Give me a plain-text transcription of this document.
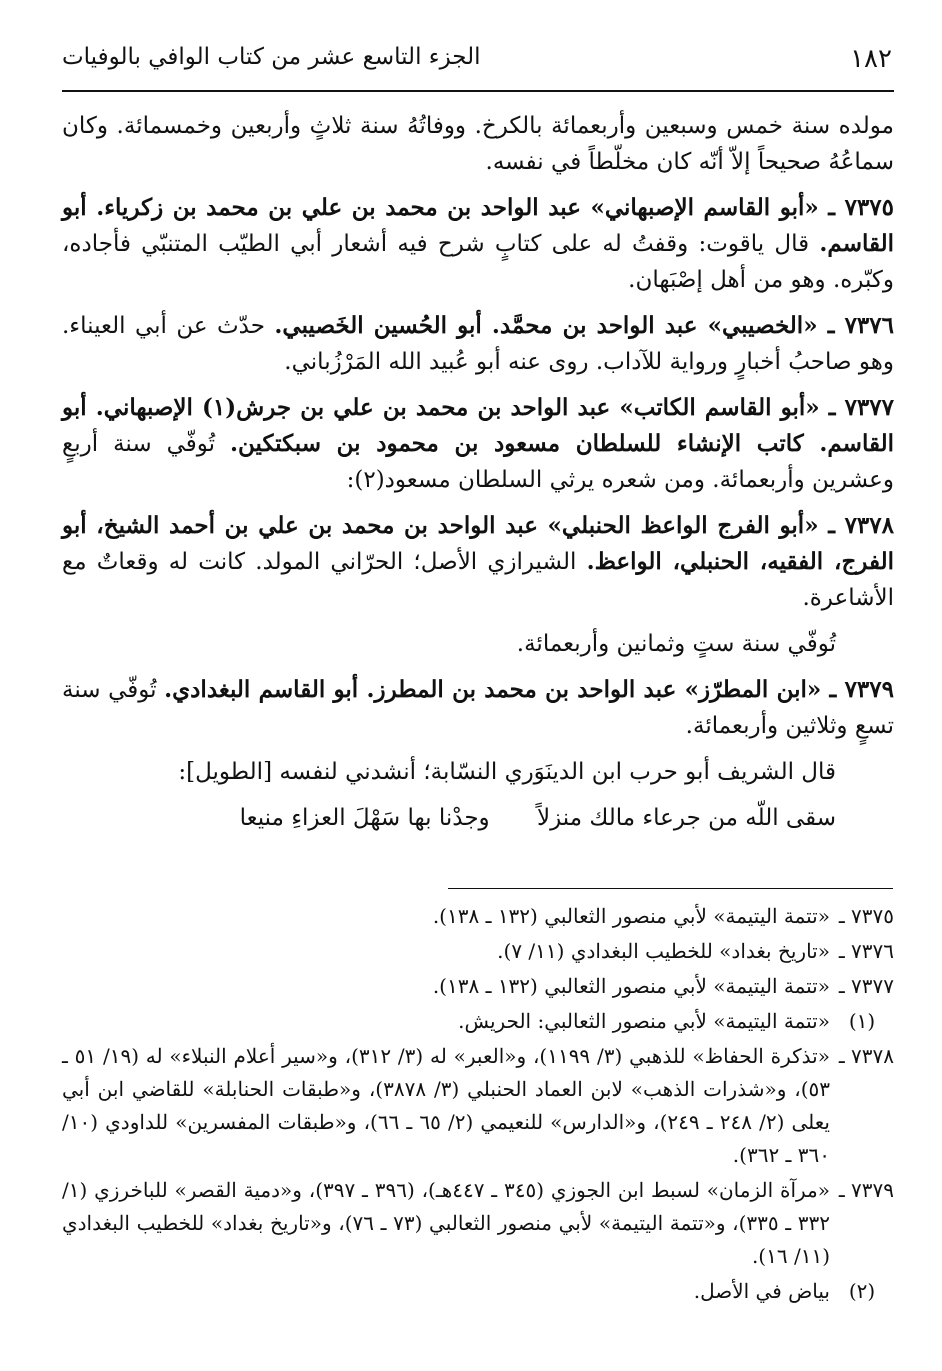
١٨٢
الجزء التاسع عشر من كتاب الوافي بالوفيات

مولده سنة خمس وسبعين وأربعمائة بالكرخ. ووفاتُهُ سنة ثلاثٍ وأربعين وخمسمائة. وكان سماعُهُ صحيحاً إلاّ أنّه كان مخلّطاً في نفسه.

٧٣٧٥ ـ «أبو القاسم الإصبهاني» عبد الواحد بن محمد بن علي بن محمد بن زكرياء. أبو القاسم. قال ياقوت: وقفتُ له على كتابٍ شرح فيه أشعار أبي الطيّب المتنبّي فأجاده، وكبّره. وهو من أهل إصْبَهان.

٧٣٧٦ ـ «الخصيبي» عبد الواحد بن محمَّد. أبو الحُسين الخَصيبي. حدّث عن أبي العيناء. وهو صاحبُ أخبارٍ ورواية للآداب. روى عنه أبو عُبيد الله المَرْزُباني.

٧٣٧٧ ـ «أبو القاسم الكاتب» عبد الواحد بن محمد بن علي بن جرش(١) الإصبهاني. أبو القاسم. كاتب الإنشاء للسلطان مسعود بن محمود بن سبكتكين. تُوفّي سنة أربعٍ وعشرين وأربعمائة. ومن شعره يرثي السلطان مسعود(٢):

٧٣٧٨ ـ «أبو الفرج الواعظ الحنبلي» عبد الواحد بن محمد بن علي بن أحمد الشيخ، أبو الفرج، الفقيه، الحنبلي، الواعظ. الشيرازي الأصل؛ الحرّاني المولد. كانت له وقعاتٌ مع الأشاعرة.

تُوفّي سنة ستٍ وثمانين وأربعمائة.

٧٣٧٩ ـ «ابن المطرّز» عبد الواحد بن محمد بن المطرز. أبو القاسم البغدادي. تُوفّي سنة تسعٍ وثلاثين وأربعمائة.

قال الشريف أبو حرب ابن الدينَوَري النسّابة؛ أنشدني لنفسه [الطويل]:

سقى اللّه من جرعاء مالك منزلاً وجدْنا بها سَهْلَ العزاءِ منيعا

٧٣٧٥ ـ
«تتمة اليتيمة» لأبي منصور الثعالبي (١٣٢ ـ ١٣٨).
٧٣٧٦ ـ
«تاريخ بغداد» للخطيب البغدادي (١١/ ٧).
٧٣٧٧ ـ
«تتمة اليتيمة» لأبي منصور الثعالبي (١٣٢ ـ ١٣٨).
(١)
«تتمة اليتيمة» لأبي منصور الثعالبي: الحريش.
٧٣٧٨ ـ
«تذكرة الحفاظ» للذهبي (٣/ ١١٩٩)، و«العبر» له (٣/ ٣١٢)، و«سير أعلام النبلاء» له (١٩/ ٥١ ـ ٥٣)، و«شذرات الذهب» لابن العماد الحنبلي (٣/ ٣٨٧٨)، و«طبقات الحنابلة» للقاضي ابن أبي يعلى (٢/ ٢٤٨ ـ ٢٤٩)، و«الدارس» للنعيمي (٢/ ٦٥ ـ ٦٦)، و«طبقات المفسرين» للداودي (١٠/ ٣٦٠ ـ ٣٦٢).
٧٣٧٩ ـ
«مرآة الزمان» لسبط ابن الجوزي (٣٤٥ ـ ٤٤٧هـ)، (٣٩٦ ـ ٣٩٧)، و«دمية القصر» للباخرزي (١/ ٣٣٢ ـ ٣٣٥)، و«تتمة اليتيمة» لأبي منصور الثعالبي (٧٣ ـ ٧٦)، و«تاريخ بغداد» للخطيب البغدادي (١١/ ١٦).
(٢)
بياض في الأصل.
